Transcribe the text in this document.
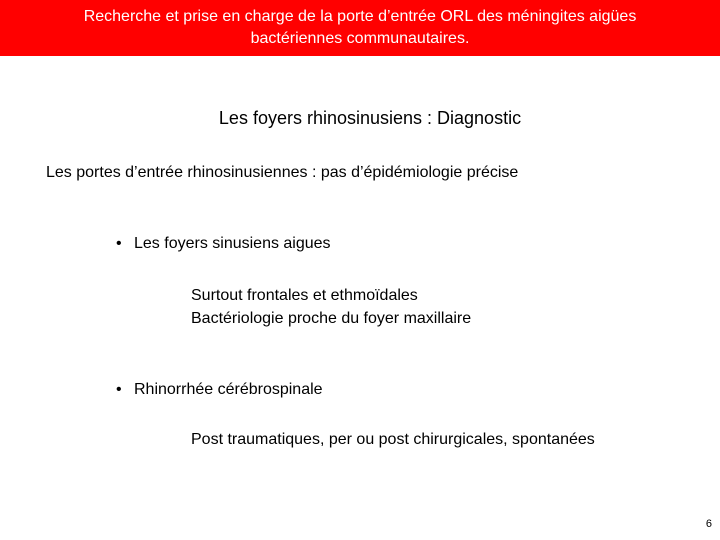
Recherche et prise en charge de la porte d’entrée ORL des méningites aigües
bactériennes communautaires.
Les foyers rhinosinusiens : Diagnostic
Les portes d’entrée rhinosinusiennes : pas d’épidémiologie précise
• Les foyers sinusiens aigues
Surtout frontales et ethmoïdales
Bactériologie proche du foyer maxillaire
• Rhinorrhée cérébrospinale
Post traumatiques, per ou post chirurgicales, spontanées
6
